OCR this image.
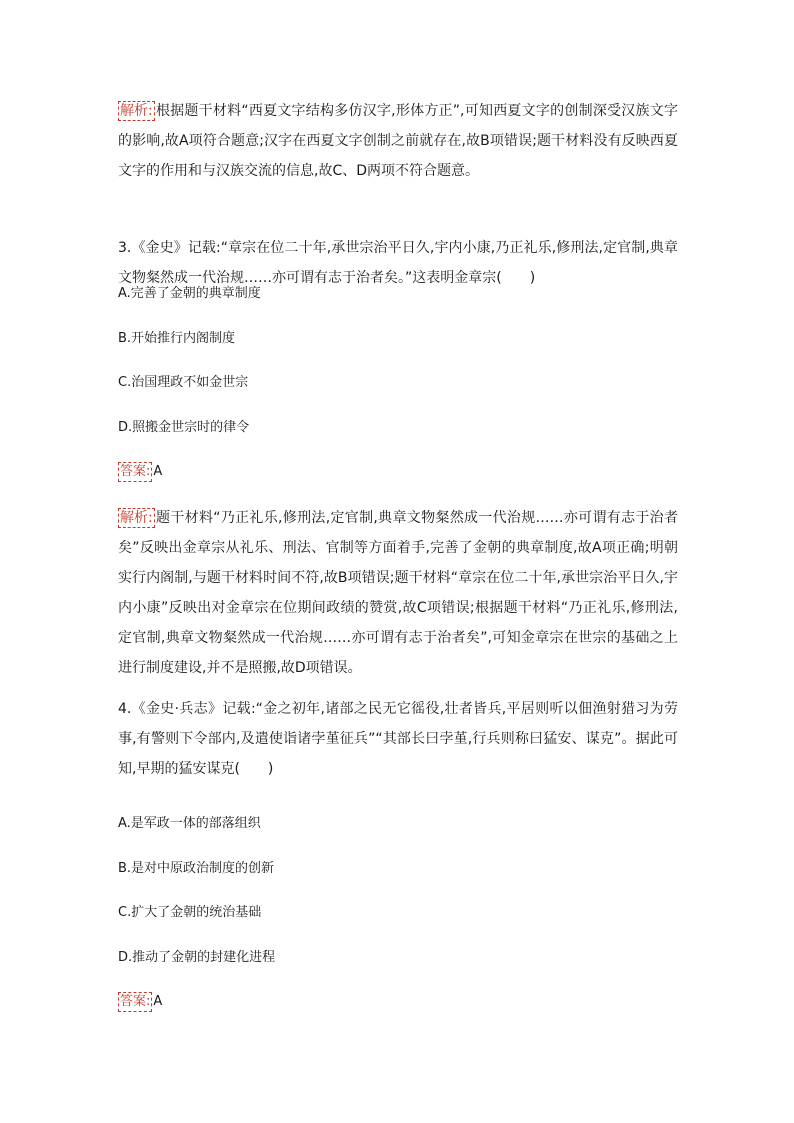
解析: 根据题干材料“西夏文字结构多仿汉字,形体方正”,可知西夏文字的创制深受汉族文字的影响,故A项符合题意;汉字在西夏文字创制之前就存在,故B项错误;题干材料没有反映西夏文字的作用和与汉族交流的信息,故C、D两项不符合题意。

3.《金史》记载:“章宗在位二十年,承世宗治平日久,宇内小康,乃正礼乐,修刑法,定官制,典章文物粲然成一代治规……亦可谓有志于治者矣。”这表明金章宗(　　)

A.完善了金朝的典章制度

B.开始推行内阁制度

C.治国理政不如金世宗

D.照搬金世宗时的律令

答案: A

解析: 题干材料“乃正礼乐,修刑法,定官制,典章文物粲然成一代治规……亦可谓有志于治者矣”反映出金章宗从礼乐、刑法、官制等方面着手,完善了金朝的典章制度,故A项正确;明朝实行内阁制,与题干材料时间不符,故B项错误;题干材料“章宗在位二十年,承世宗治平日久,宇内小康”反映出对金章宗在位期间政绩的赞赏,故C项错误;根据题干材料“乃正礼乐,修刑法,定官制,典章文物粲然成一代治规……亦可谓有志于治者矣”,可知金章宗在世宗的基础之上进行制度建设,并不是照搬,故D项错误。

4.《金史·兵志》记载:“金之初年,诸部之民无它徭役,壮者皆兵,平居则听以佃渔射猎习为劳事,有警则下令部内,及遣使诣诸孛堇征兵”“其部长曰孛堇,行兵则称曰猛安、谋克”。据此可知,早期的猛安谋克(　　)

A.是军政一体的部落组织

B.是对中原政治制度的创新

C.扩大了金朝的统治基础

D.推动了金朝的封建化进程

答案: A
